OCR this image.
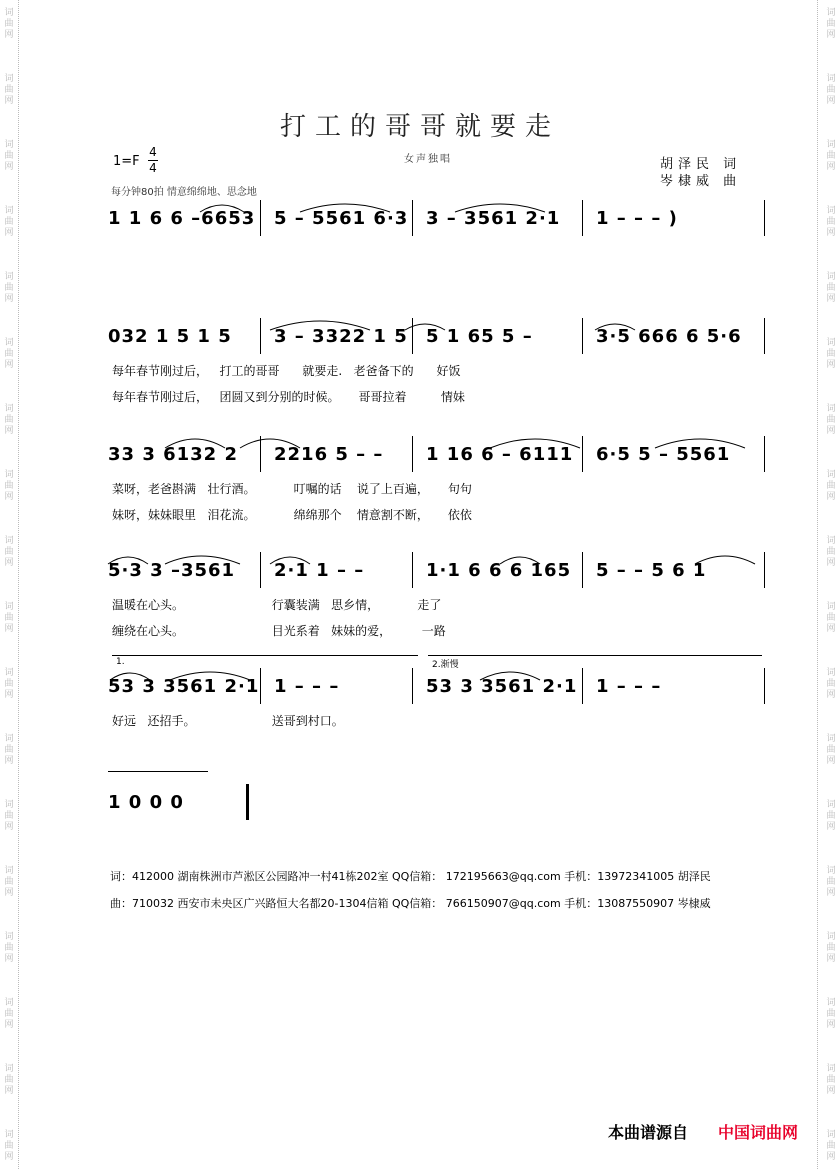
词
曲
网
词
曲
网
词
曲
网
词
曲
网
词
曲
网
词
曲
网
词
曲
网
词
曲
网
词
曲
网
词
曲
网
词
曲
网
词
曲
网
词
曲
网
词
曲
网
词
曲
网
词
曲
网
词
曲
网
词
曲
网
词
曲
网
词
曲
网
词
曲
网
词
曲
网
词
曲
网
词
曲
网
词
曲
网
词
曲
网
词
曲
网
词
曲
网
词
曲
网
词
曲
网
词
曲
网
词
曲
网
词
曲
网
词
曲
网
词
曲
网
词
曲
网
打工的哥哥就要走
女声独唱
1=F
4
4	胡泽民 词
岑棣威 曲
每分钟80拍 情意绵绵地、思念地
1 1 6 6 –6653 5 – 5561 6·3 3 – 3561 2·1 1 – – – )
032 1 5 1 5 3 – 3322 1 5 5 1 65 5 –	3·5 666 6 5·6
33 3 6132 2 2216 5 – – 1 16 6 – 6111 6·5 5 – 5561
5·3 3 –3561 2·1 1 – –	1·1 6 6 6 165 5 – – 5 6 1
53 3 3561 2·1 1 – – –	53 3 3561 2·1 1 – – –
1 0 0 0
每年春节刚过后，   打工的哥哥      就要走.   老爸备下的      好饭
每年春节刚过后，   团圆又到分别的时候。     哥哥拉着         情妹
菜呀，老爸斟满   壮行酒。          叮嘱的话    说了上百遍，     句句
妹呀，妹妹眼里   泪花流。          绵绵那个    情意割不断，     依依
温暖在心头。                       行囊装满   思乡情，          走了
缠绕在心头。                       目光系着   妹妹的爱，        一路
好远   还招手。                    送哥到村口。
1.	2.渐慢
词：412000 湖南株洲市芦淞区公园路冲一村41栋202室 QQ信箱： 172195663@qq.com 手机：13972341005 胡泽民
曲：710032 西安市未央区广兴路恒大名都20-1304信箱 QQ信箱： 766150907@qq.com 手机：13087550907 岑棣威
本曲谱源自 中国词曲网
